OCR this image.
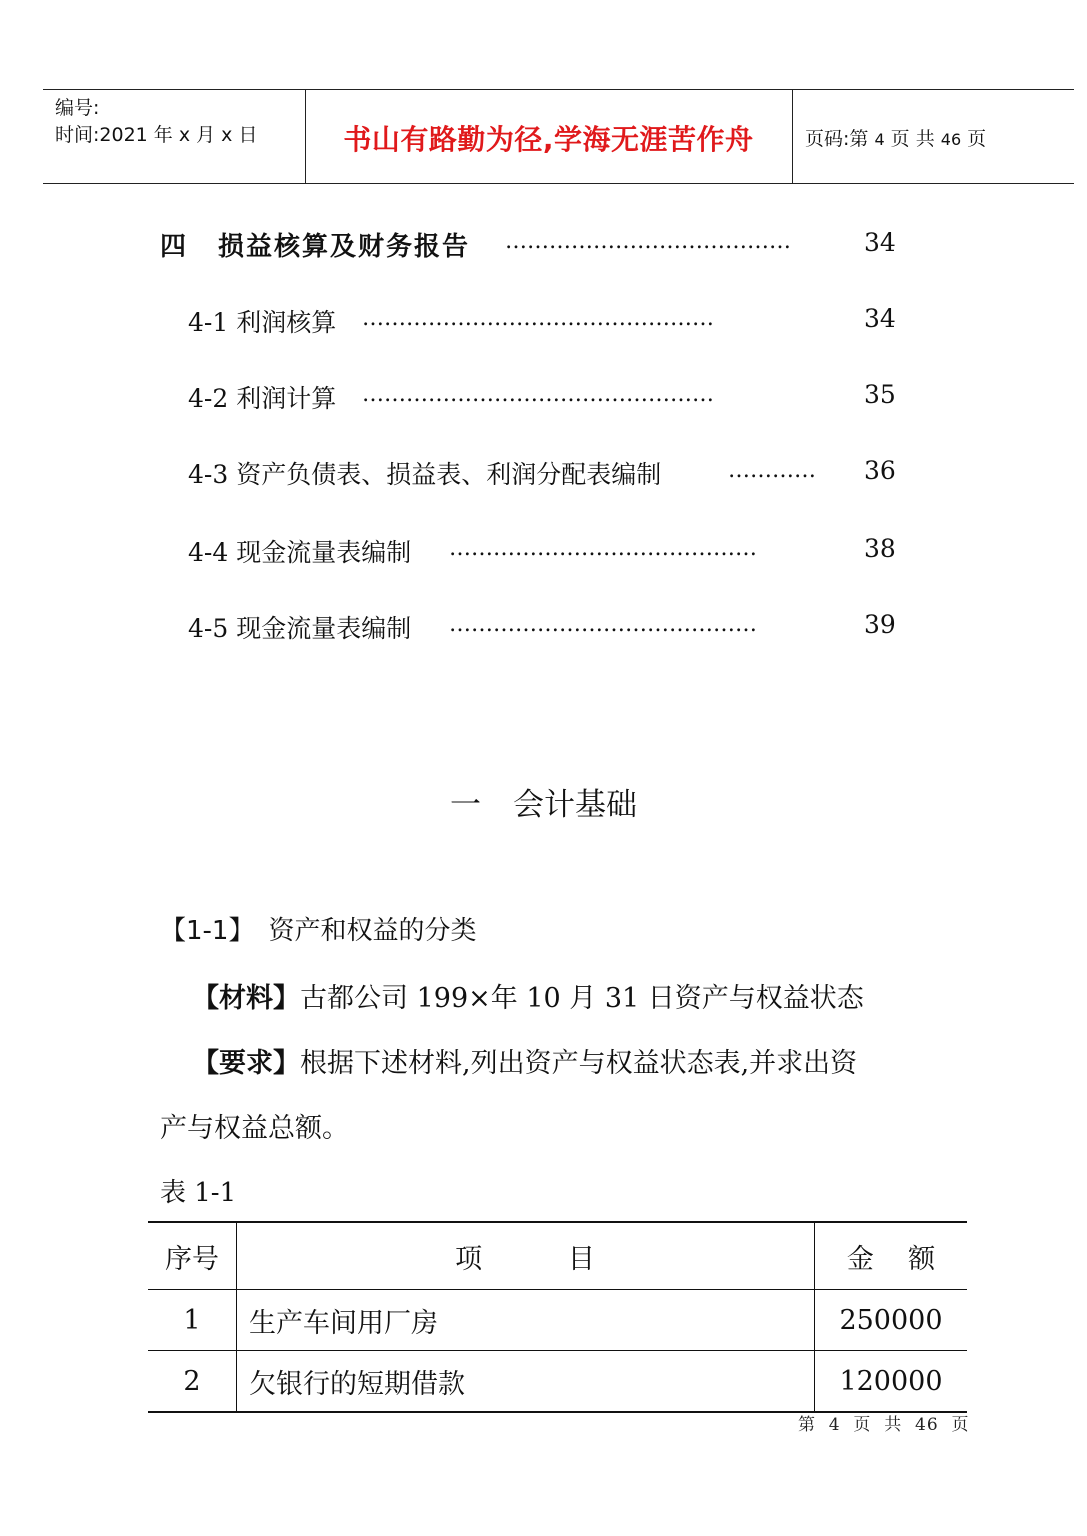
编号:
时间:2021 年 x 月 x 日	书山有路勤为径,学海无涯苦作舟	页码:第 4 页 共 46 页
四 损益核算及财务报告 …………………………………	34
4-1 利润核算 …………………………………………	34
4-2 利润计算 …………………………………………	35
4-3 资产负债表、损益表、利润分配表编制	………… 36
4-4 现金流量表编制 ……………………………………	38
4-5 现金流量表编制 ……………………………………	39
一 会计基础
【1-1】 资产和权益的分类
【材料】古都公司 199×年 10 月 31 日资产与权益状态
【要求】根据下述材料,列出资产与权益状态表,并求出资
产与权益总额。
表 1-1
序号	项          目	金    额
1	生产车间用厂房	250000
2	欠银行的短期借款	120000
第  4  页  共  46  页
